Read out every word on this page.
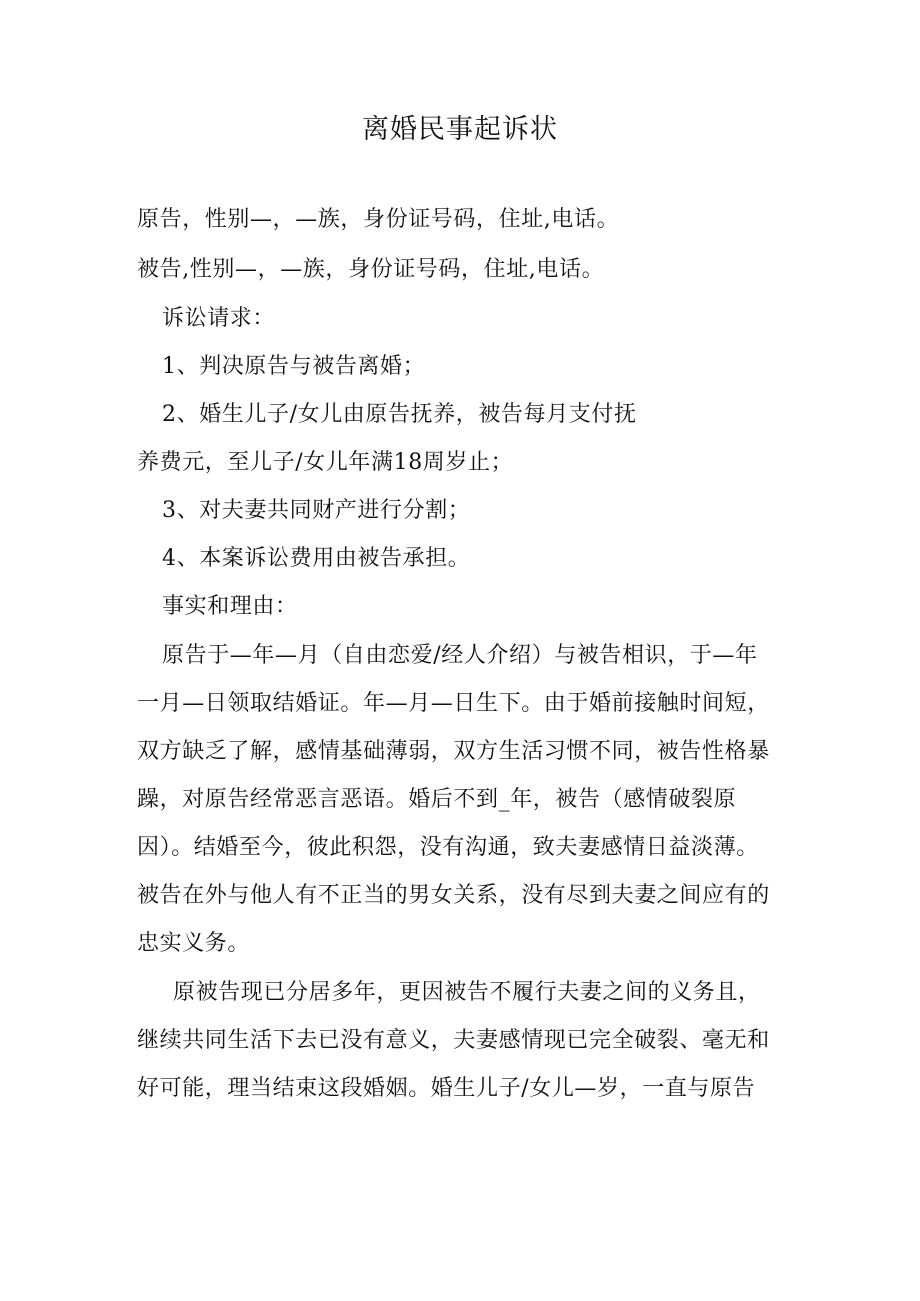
离婚民事起诉状
原告，性别—，—族，身份证号码，住址,电话。
被告,性别—，—族，身份证号码，住址,电话。
诉讼请求：
1、判决原告与被告离婚；
2、婚生儿子/女儿由原告抚养，被告每月支付抚
养费元，至儿子/女儿年满18周岁止；
3、对夫妻共同财产进行分割；
4、本案诉讼费用由被告承担。
事实和理由：
原告于—年—月（自由恋爱/经人介绍）与被告相识，于—年
一月—日领取结婚证。年—月—日生下。由于婚前接触时间短，
双方缺乏了解，感情基础薄弱，双方生活习惯不同，被告性格暴
躁，对原告经常恶言恶语。婚后不到_年，被告（感情破裂原
因）。结婚至今，彼此积怨，没有沟通，致夫妻感情日益淡薄。
被告在外与他人有不正当的男女关系，没有尽到夫妻之间应有的
忠实义务。
原被告现已分居多年，更因被告不履行夫妻之间的义务且，
继续共同生活下去已没有意义，夫妻感情现已完全破裂、毫无和
好可能，理当结束这段婚姻。婚生儿子/女儿—岁，一直与原告
